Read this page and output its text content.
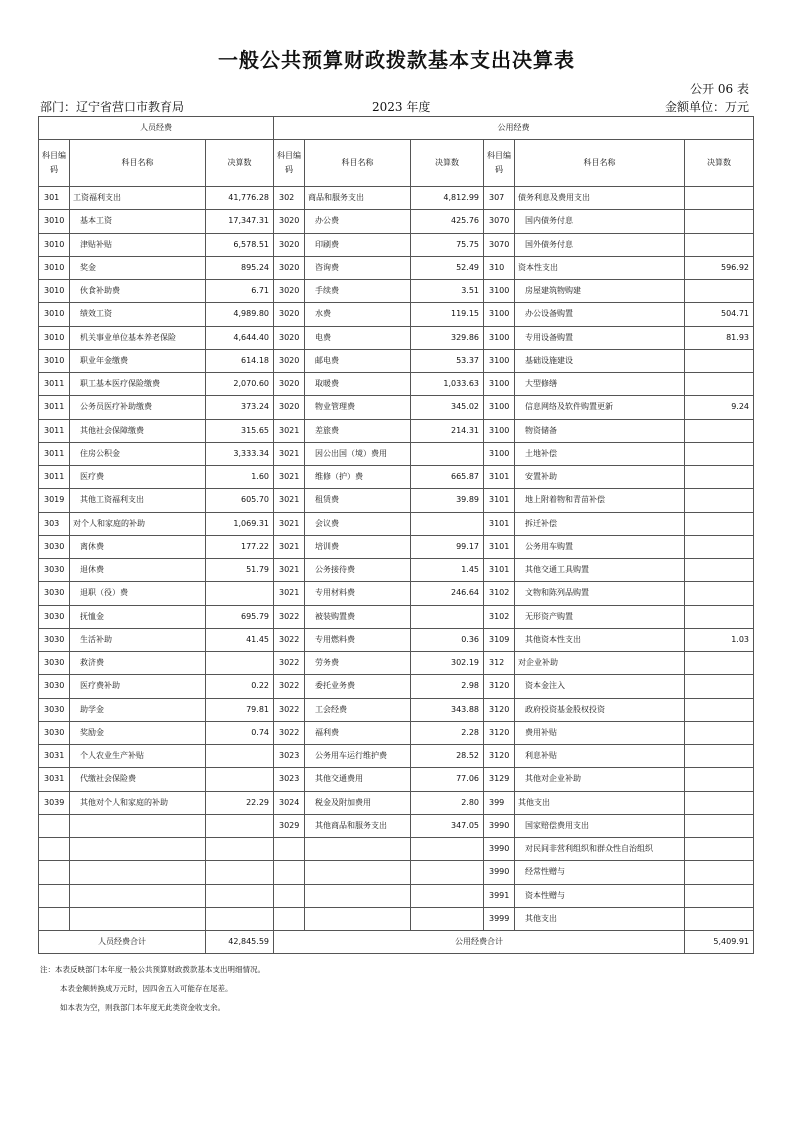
一般公共预算财政拨款基本支出决算表
公开 06 表
部门：辽宁省营口市教育局	2023 年度	金额单位：万元
人员经费			公用经费					
科目编码	科目名称	决算数	科目编码	科目名称	决算数	科目编码	科目名称	决算数
301	工资福利支出	41,776.28	302	商品和服务支出	4,812.99	307	债务利息及费用支出	
3010	基本工资	17,347.31	3020	办公费	425.76	3070	国内债务付息	
3010	津贴补贴	6,578.51	3020	印刷费	75.75	3070	国外债务付息	
3010	奖金	895.24	3020	咨询费	52.49	310	资本性支出	596.92
3010	伙食补助费	6.71	3020	手续费	3.51	3100	房屋建筑物购建	
3010	绩效工资	4,989.80	3020	水费	119.15	3100	办公设备购置	504.71
3010	机关事业单位基本养老保险	4,644.40	3020	电费	329.86	3100	专用设备购置	81.93
3010	职业年金缴费	614.18	3020	邮电费	53.37	3100	基础设施建设	
3011	职工基本医疗保险缴费	2,070.60	3020	取暖费	1,033.63	3100	大型修缮	
3011	公务员医疗补助缴费	373.24	3020	物业管理费	345.02	3100	信息网络及软件购置更新	9.24
3011	其他社会保障缴费	315.65	3021	差旅费	214.31	3100	物资储备	
3011	住房公积金	3,333.34	3021	因公出国（境）费用		3100	土地补偿	
3011	医疗费	1.60	3021	维修（护）费	665.87	3101	安置补助	
3019	其他工资福利支出	605.70	3021	租赁费	39.89	3101	地上附着物和青苗补偿	
303	对个人和家庭的补助	1,069.31	3021	会议费		3101	拆迁补偿	
3030	离休费	177.22	3021	培训费	99.17	3101	公务用车购置	
3030	退休费	51.79	3021	公务接待费	1.45	3101	其他交通工具购置	
3030	退职（役）费		3021	专用材料费	246.64	3102	文物和陈列品购置	
3030	抚恤金	695.79	3022	被装购置费		3102	无形资产购置	
3030	生活补助	41.45	3022	专用燃料费	0.36	3109	其他资本性支出	1.03
3030	救济费		3022	劳务费	302.19	312	对企业补助	
3030	医疗费补助	0.22	3022	委托业务费	2.98	3120	资本金注入	
3030	助学金	79.81	3022	工会经费	343.88	3120	政府投资基金股权投资	
3030	奖励金	0.74	3022	福利费	2.28	3120	费用补贴	
3031	个人农业生产补贴		3023	公务用车运行维护费	28.52	3120	利息补贴	
3031	代缴社会保险费		3023	其他交通费用	77.06	3129	其他对企业补助	
3039	其他对个人和家庭的补助	22.29	3024	税金及附加费用	2.80	399	其他支出	
			3029	其他商品和服务支出	347.05	3990	国家赔偿费用支出	
						3990	对民间非营利组织和群众性自治组织	
						3990	经常性赠与	
						3991	资本性赠与	
						3999	其他支出	
人员经费合计		42,845.59	公用经费合计					5,409.91
注：本表反映部门本年度一般公共预算财政拨款基本支出明细情况。
本表金额转换成万元时，因四舍五入可能存在尾差。
如本表为空，则我部门本年度无此类资金收支余。
